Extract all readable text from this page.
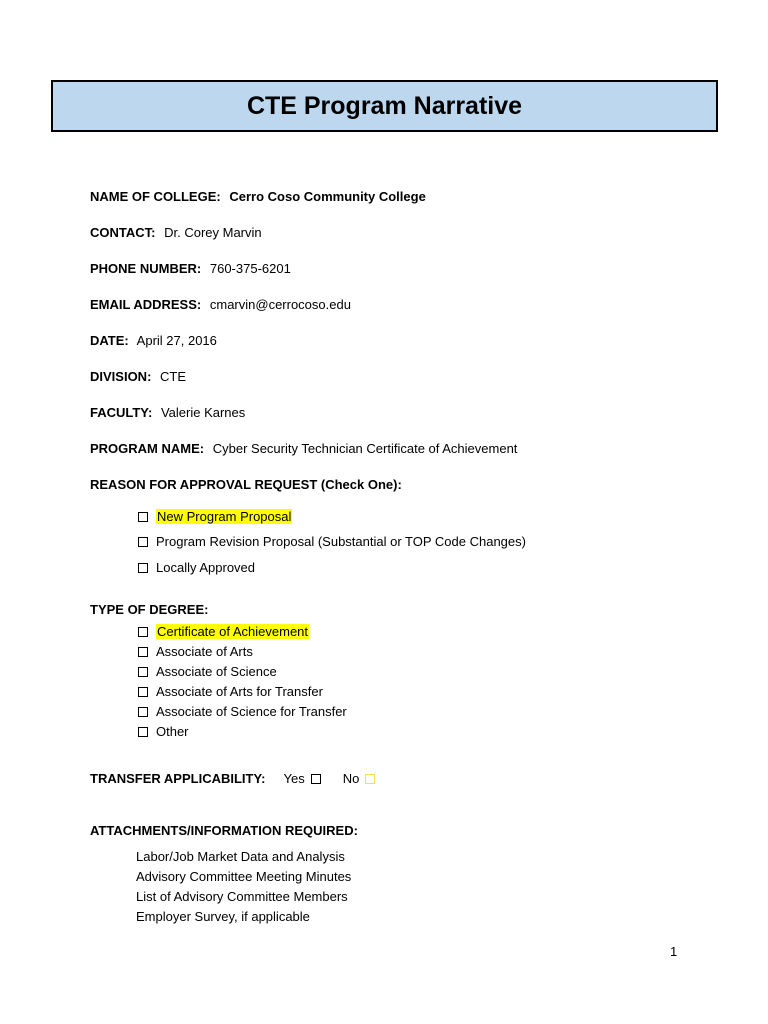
CTE Program Narrative
NAME OF COLLEGE: Cerro Coso Community College
CONTACT: Dr. Corey Marvin
PHONE NUMBER: 760-375-6201
EMAIL ADDRESS: cmarvin@cerrocoso.edu
DATE: April 27, 2016
DIVISION: CTE
FACULTY: Valerie Karnes
PROGRAM NAME: Cyber Security Technician Certificate of Achievement
REASON FOR APPROVAL REQUEST (Check One):
New Program Proposal
Program Revision Proposal (Substantial or TOP Code Changes)
Locally Approved
TYPE OF DEGREE:
Certificate of Achievement
Associate of Arts
Associate of Science
Associate of Arts for Transfer
Associate of Science for Transfer
Other
TRANSFER APPLICABILITY: Yes	No
ATTACHMENTS/INFORMATION REQUIRED:
Labor/Job Market Data and Analysis
Advisory Committee Meeting Minutes
List of Advisory Committee Members
Employer Survey, if applicable
1
